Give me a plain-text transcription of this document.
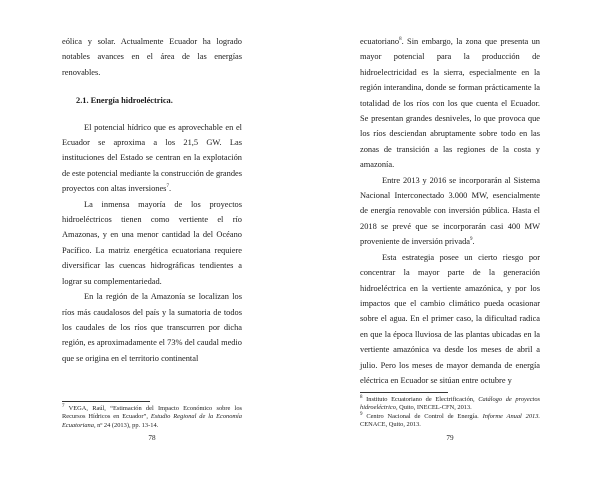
eólica y solar. Actualmente Ecuador ha logrado notables avances en el área de las energías renovables.

2.1. Energía hidroeléctrica.

El potencial hídrico que es aprovechable en el Ecuador se aproxima a los 21,5 GW. Las instituciones del Estado se centran en la explotación de este potencial mediante la construcción de grandes proyectos con altas inversiones$^7$.

La inmensa mayoría de los proyectos hidroeléctricos tienen como vertiente el río Amazonas, y en una menor cantidad la del Océano Pacífico. La matriz energética ecuatoriana requiere diversificar las cuencas hidrográficas tendientes a lograr su complementariedad.

En la región de la Amazonía se localizan los ríos más caudalosos del país y la sumatoria de todos los caudales de los ríos que transcurren por dicha región, es aproximadamente el 73% del caudal medio que se origina en el territorio continental

$^7$ VEGA, Raúl, “Estimación del Impacto Económico sobre los Recursos Hídricos en Ecuador”, Estudio Regional de la Economía Ecuatoriana, nº 24 (2013), pp. 13-14.

78

ecuatoriano$^8$. Sin embargo, la zona que presenta un mayor potencial para la producción de hidroelectricidad es la sierra, especialmente en la región interandina, donde se forman prácticamente la totalidad de los ríos con los que cuenta el Ecuador. Se presentan grandes desniveles, lo que provoca que los ríos desciendan abruptamente sobre todo en las zonas de transición a las regiones de la costa y amazonía.

Entre 2013 y 2016 se incorporarán al Sistema Nacional Interconectado 3.000 MW, esencialmente de energía renovable con inversión pública. Hasta el 2018 se prevé que se incorporarán casi 400 MW proveniente de inversión privada$^9$.

Esta estrategia posee un cierto riesgo por concentrar la mayor parte de la generación hidroeléctrica en la vertiente amazónica, y por los impactos que el cambio climático pueda ocasionar sobre el agua. En el primer caso, la dificultad radica en que la época lluviosa de las plantas ubicadas en la vertiente amazónica va desde los meses de abril a julio. Pero los meses de mayor demanda de energía eléctrica en Ecuador se sitúan entre octubre y

$^8$ Instituto Ecuatoriano de Electrificación, Catálogo de proyectos hidroeléctrico, Quito, INECEL-CFN, 2013.

$^9$ Centro Nacional de Control de Energía. Informe Anual 2013. CENACE, Quito, 2013.

79
